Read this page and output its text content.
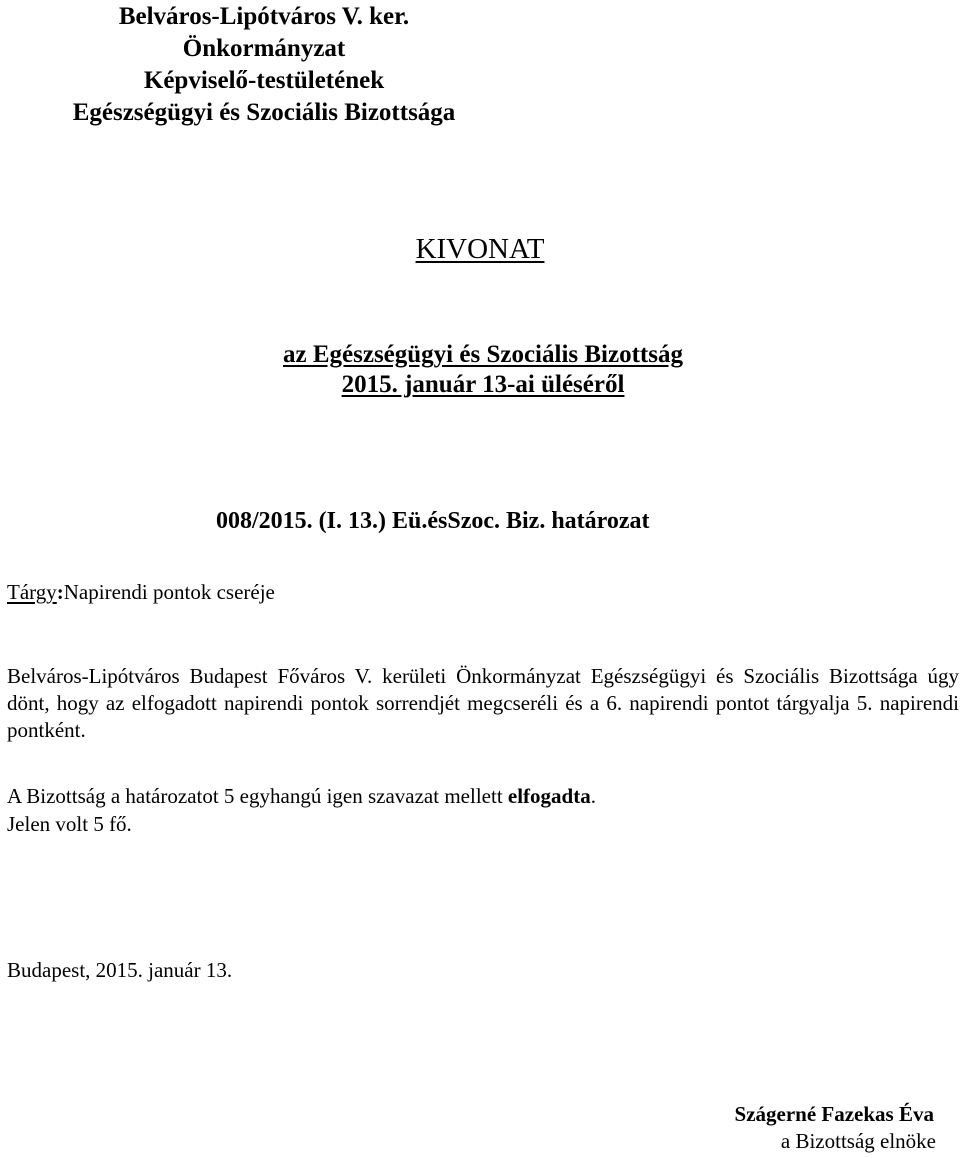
Belváros-Lipótváros V. ker.
Önkormányzat
Képviselő-testületének
Egészségügyi és Szociális Bizottsága
KIVONAT
az Egészségügyi és Szociális Bizottság
2015. január 13-ai üléséről
008/2015. (I. 13.) Eü.ésSzoc. Biz. határozat
Tárgy:Napirendi pontok cseréje
Belváros-Lipótváros Budapest Főváros V. kerületi Önkormányzat Egészségügyi és Szociális Bizottsága úgy dönt, hogy az elfogadott napirendi pontok sorrendjét megcseréli és a 6. napirendi pontot tárgyalja 5. napirendi pontként.
A Bizottság a határozatot 5 egyhangú igen szavazat mellett elfogadta.
Jelen volt 5 fő.
Budapest, 2015. január 13.
Szágerné Fazekas Éva
a Bizottság elnöke
